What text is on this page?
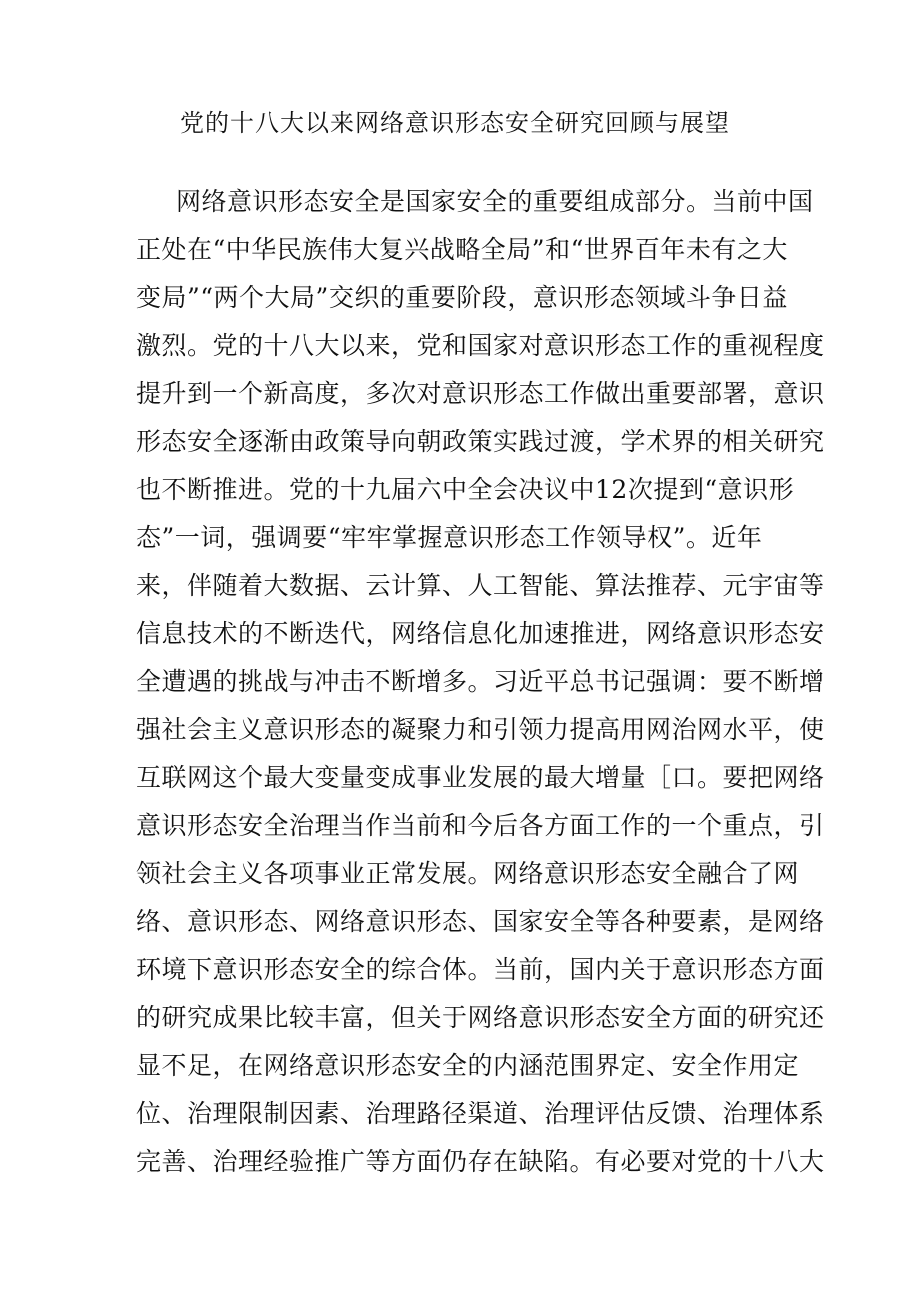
党的十八大以来网络意识形态安全研究回顾与展望
网络意识形态安全是国家安全的重要组成部分。当前中国
正处在“中华民族伟大复兴战略全局”和“世界百年未有之大
变局”“两个大局”交织的重要阶段，意识形态领域斗争日益
激烈。党的十八大以来，党和国家对意识形态工作的重视程度
提升到一个新高度，多次对意识形态工作做出重要部署，意识
形态安全逐渐由政策导向朝政策实践过渡，学术界的相关研究
也不断推进。党的十九届六中全会决议中12次提到“意识形
态”一词，强调要“牢牢掌握意识形态工作领导权”。近年
来，伴随着大数据、云计算、人工智能、算法推荐、元宇宙等
信息技术的不断迭代，网络信息化加速推进，网络意识形态安
全遭遇的挑战与冲击不断增多。习近平总书记强调：要不断增
强社会主义意识形态的凝聚力和引领力提高用网治网水平，使
互联网这个最大变量变成事业发展的最大增量［口。要把网络
意识形态安全治理当作当前和今后各方面工作的一个重点，引
领社会主义各项事业正常发展。网络意识形态安全融合了网
络、意识形态、网络意识形态、国家安全等各种要素，是网络
环境下意识形态安全的综合体。当前，国内关于意识形态方面
的研究成果比较丰富，但关于网络意识形态安全方面的研究还
显不足，在网络意识形态安全的内涵范围界定、安全作用定
位、治理限制因素、治理路径渠道、治理评估反馈、治理体系
完善、治理经验推广等方面仍存在缺陷。有必要对党的十八大
